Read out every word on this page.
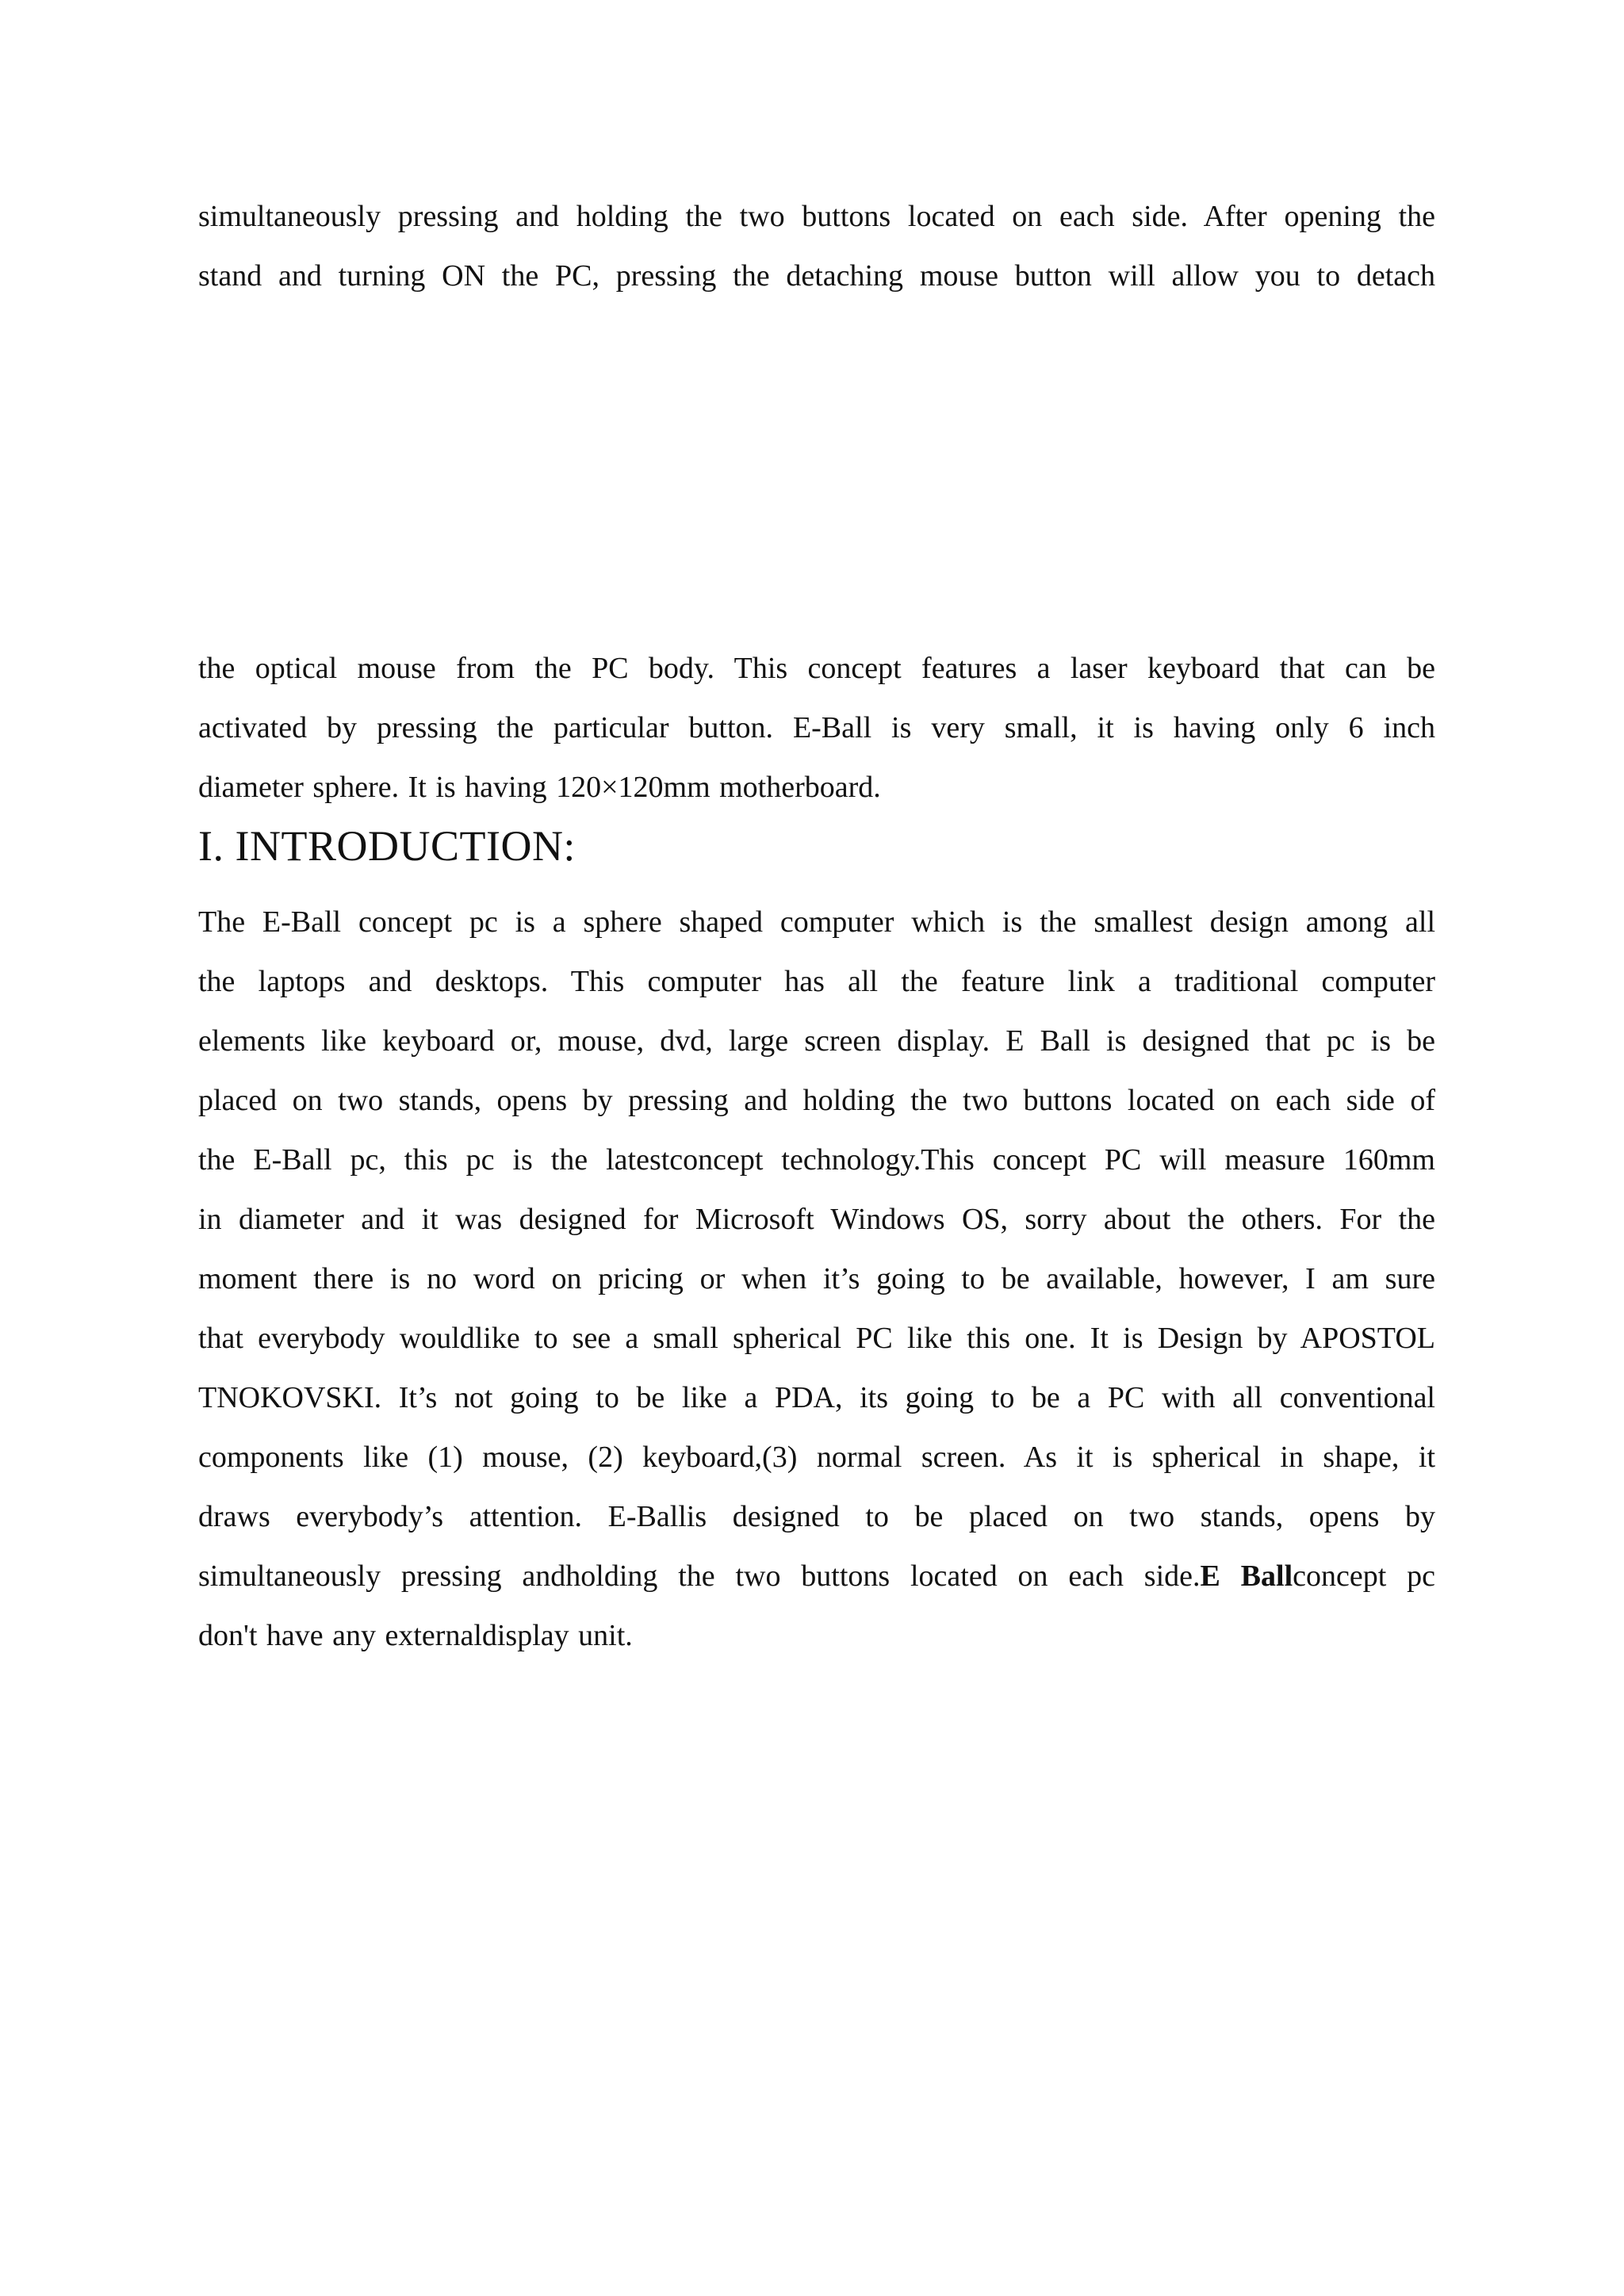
simultaneously pressing and holding the two buttons located on each side. After opening the
stand and turning ON the PC, pressing the detaching mouse button will allow you to detach

the optical mouse from the PC body. This concept features a laser keyboard that can be
activated by pressing the particular button. E-Ball is very small, it is having only 6 inch
diameter sphere. It is having 120×120mm motherboard.

I. INTRODUCTION:

The E-Ball concept pc is a sphere shaped computer which is the smallest design among all
the laptops and desktops. This computer has all the feature link a traditional computer
elements like keyboard or, mouse, dvd, large screen display. E Ball is designed that pc is be
placed on two stands, opens by pressing and holding the two buttons located on each side of
the E-Ball pc, this pc is the latestconcept technology.This concept PC will measure 160mm
in diameter and it was designed for Microsoft Windows OS, sorry about the others. For the
moment there is no word on pricing or when it’s going to be available, however, I am sure
that everybody wouldlike to see a small spherical PC like this one. It is Design by APOSTOL
TNOKOVSKI. It’s not going to be like a PDA, its going to be a PC with all conventional
components like (1) mouse, (2) keyboard,(3) normal screen. As it is spherical in shape, it
draws everybody’s attention. E-Ballis designed to be placed on two stands, opens by
simultaneously pressing andholding the two buttons located on each side.E Ballconcept pc
don't have any externaldisplay unit.
